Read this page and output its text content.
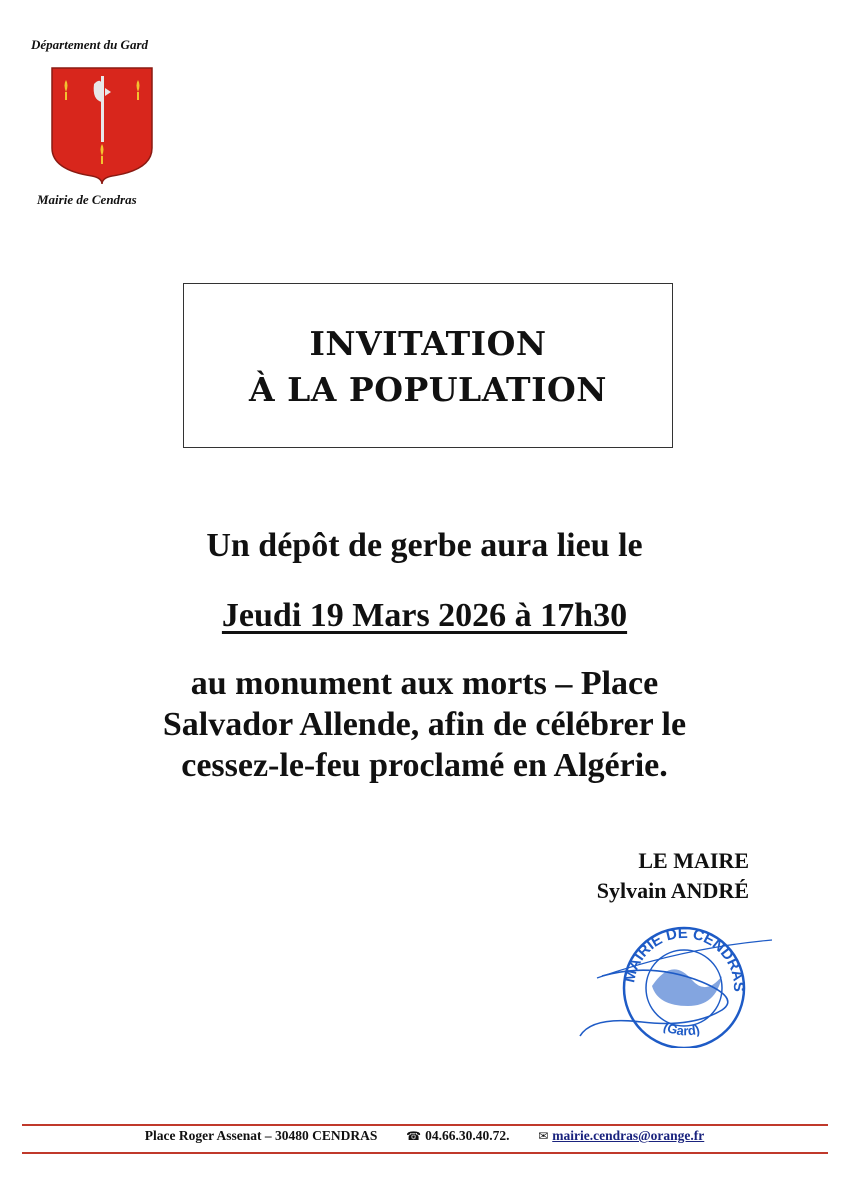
Département du Gard
Mairie de Cendras
INVITATION
À LA POPULATION
Un dépôt de gerbe aura lieu le
Jeudi 19 Mars 2026 à 17h30
au monument aux morts – Place
Salvador Allende, afin de célébrer le
cessez-le-feu proclamé en Algérie.
LE MAIRE
Sylvain ANDRÉ
MAIRIE DE CENDRAS
(Gard)
Place Roger Assenat – 30480 CENDRAS ☎ 04.66.30.40.72. ✉ mairie.cendras@orange.fr
